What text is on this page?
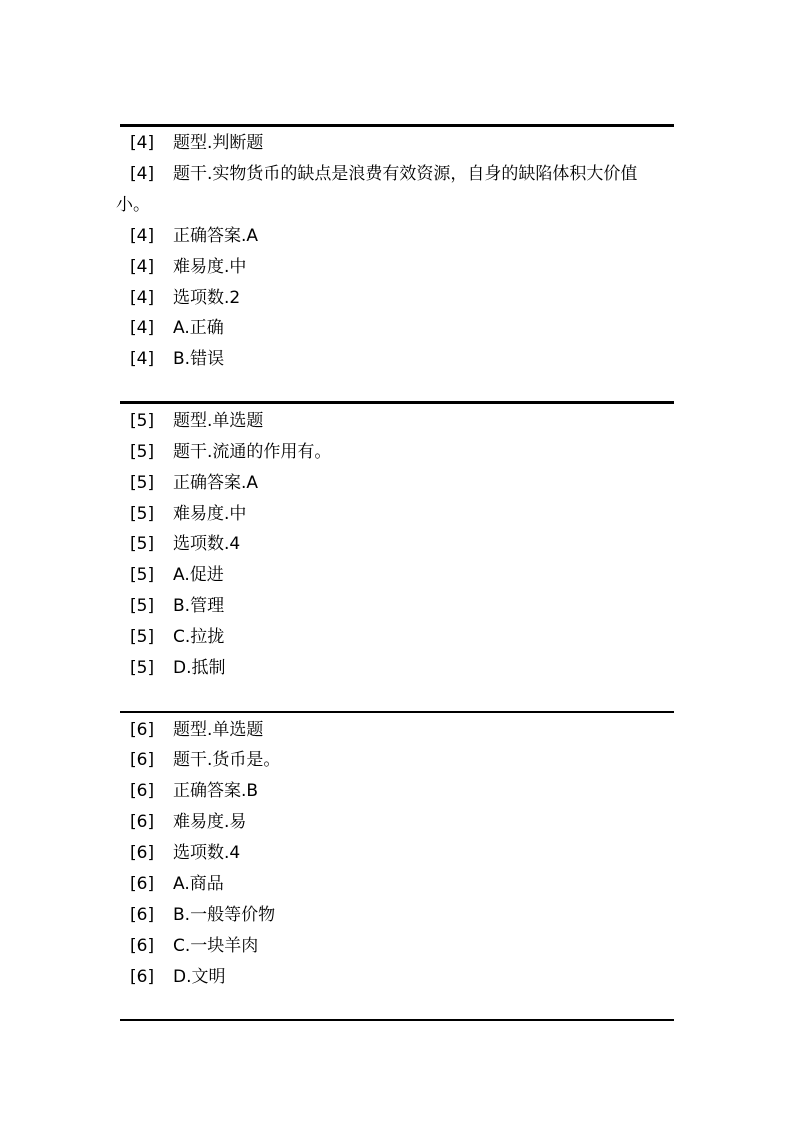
[4] 题型.判断题
[4] 题干.实物货币的缺点是浪费有效资源，自身的缺陷体积大价值
小。
[4] 正确答案.A
[4] 难易度.中
[4] 选项数.2
[4] A.正确
[4] B.错误
[5] 题型.单选题
[5] 题干.流通的作用有。
[5] 正确答案.A
[5] 难易度.中
[5] 选项数.4
[5] A.促进
[5] B.管理
[5] C.拉拢
[5] D.抵制
[6] 题型.单选题
[6] 题干.货币是。
[6] 正确答案.B
[6] 难易度.易
[6] 选项数.4
[6] A.商品
[6] B.一般等价物
[6] C.一块羊肉
[6] D.文明
